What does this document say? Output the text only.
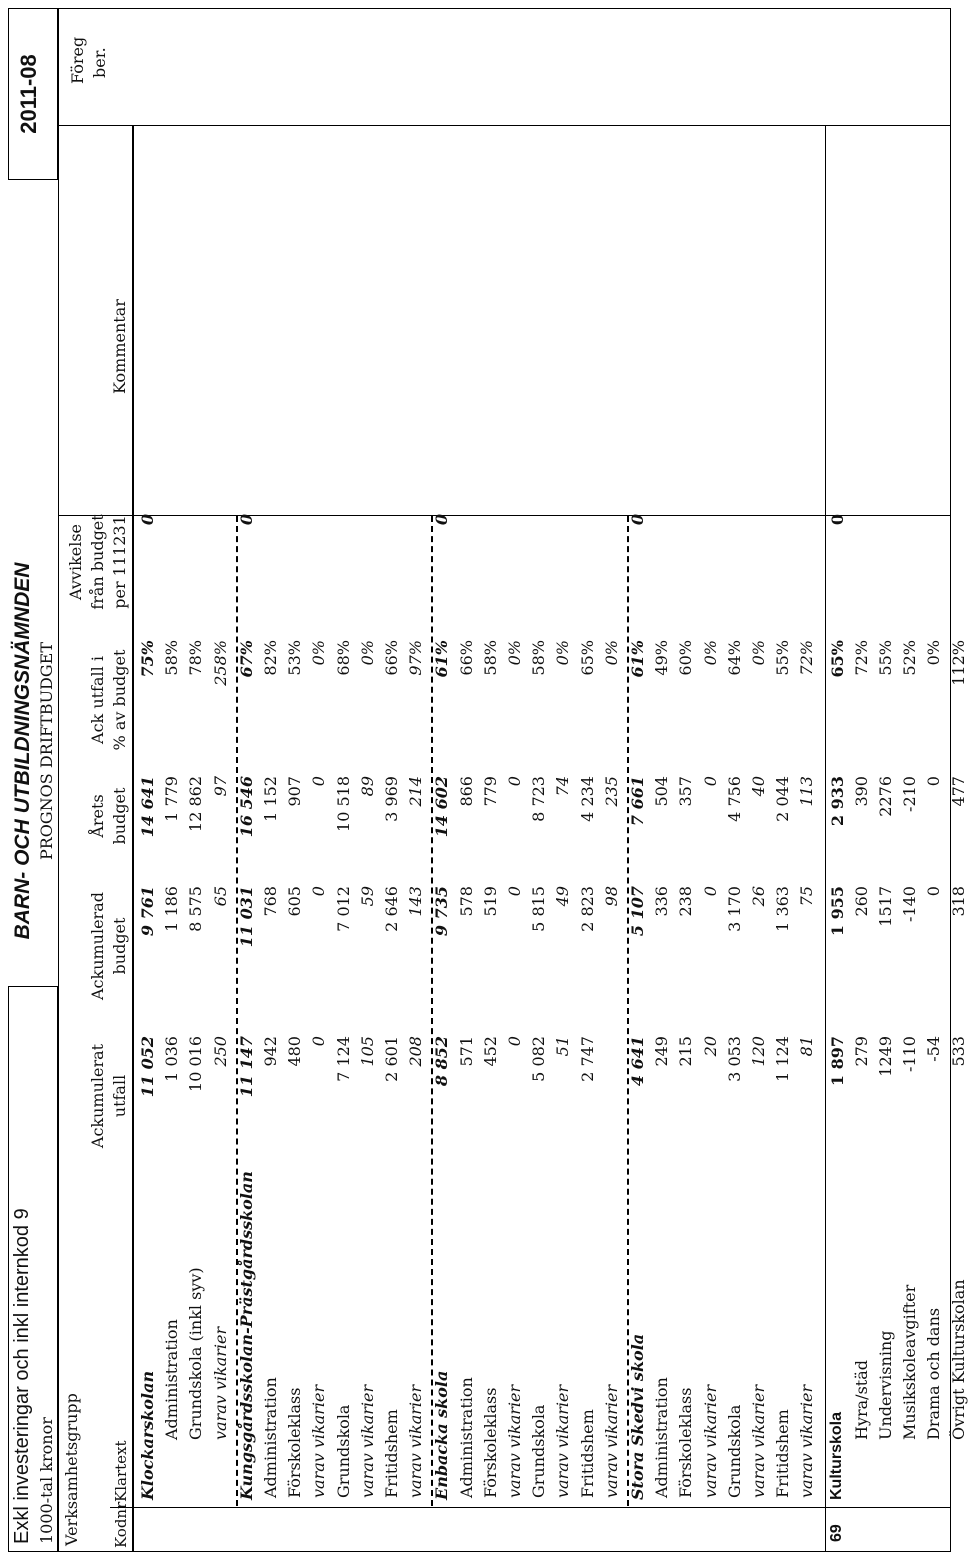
Exkl investeringar och inkl internkod 9 1000-tal kronor
BARN- OCH UTBILDNINGSNÄMNDEN PROGNOS DRIFTBUDGET
2011-08
Verksamhetsgrupp Kodnr
Klartext
Ackumulerat utfall
Ackumulerad budget
Årets budget
Ack utfall i % av budget
Avvikelse från budget per 111231
Kommentar
Föreg ber.
Klockarskolan
11 052
9 761
14 641
75%
0
Administration
1 036
1 186
1 779
58%
Grundskola (inkl syv)
10 016
8 575
12 862
78%
varav vikarier
250
65
97
258%
Kungsgårdsskolan-Prästgårdsskolan
11 147
11 031
16 546
67%
0
Administration
942
768
1 152
82%
Förskoleklass
480
605
907
53%
varav vikarier
0
0
0
0%
Grundskola
7 124
7 012
10 518
68%
varav vikarier
105
59
89
0%
Fritidshem
2 601
2 646
3 969
66%
varav vikarier
208
143
214
97%
Enbacka skola
8 852
9 735
14 602
61%
0
Administration
571
578
866
66%
Förskoleklass
452
519
779
58%
varav vikarier
0
0
0
0%
Grundskola
5 082
5 815
8 723
58%
varav vikarier
51
49
74
0%
Fritidshem
2 747
2 823
4 234
65%
varav vikarier
98
235
0%
Stora Skedvi skola
4 641
5 107
7 661
61%
0
Administration
249
336
504
49%
Förskoleklass
215
238
357
60%
varav vikarier
20
0
0
0%
Grundskola
3 053
3 170
4 756
64%
varav vikarier
120
26
40
0%
Fritidshem
1 124
1 363
2 044
55%
varav vikarier
81
75
113
72%
69
Kulturskola
1 897
1 955
2 933
65%
0
Hyra/städ
279
260
390
72%
Undervisning
1249
1517
2276
55%
Musikskoleavgifter
-110
-140
-210
52%
Drama och dans
-54
0
0
0%
Övrigt Kulturskolan
533
318
477
112%
